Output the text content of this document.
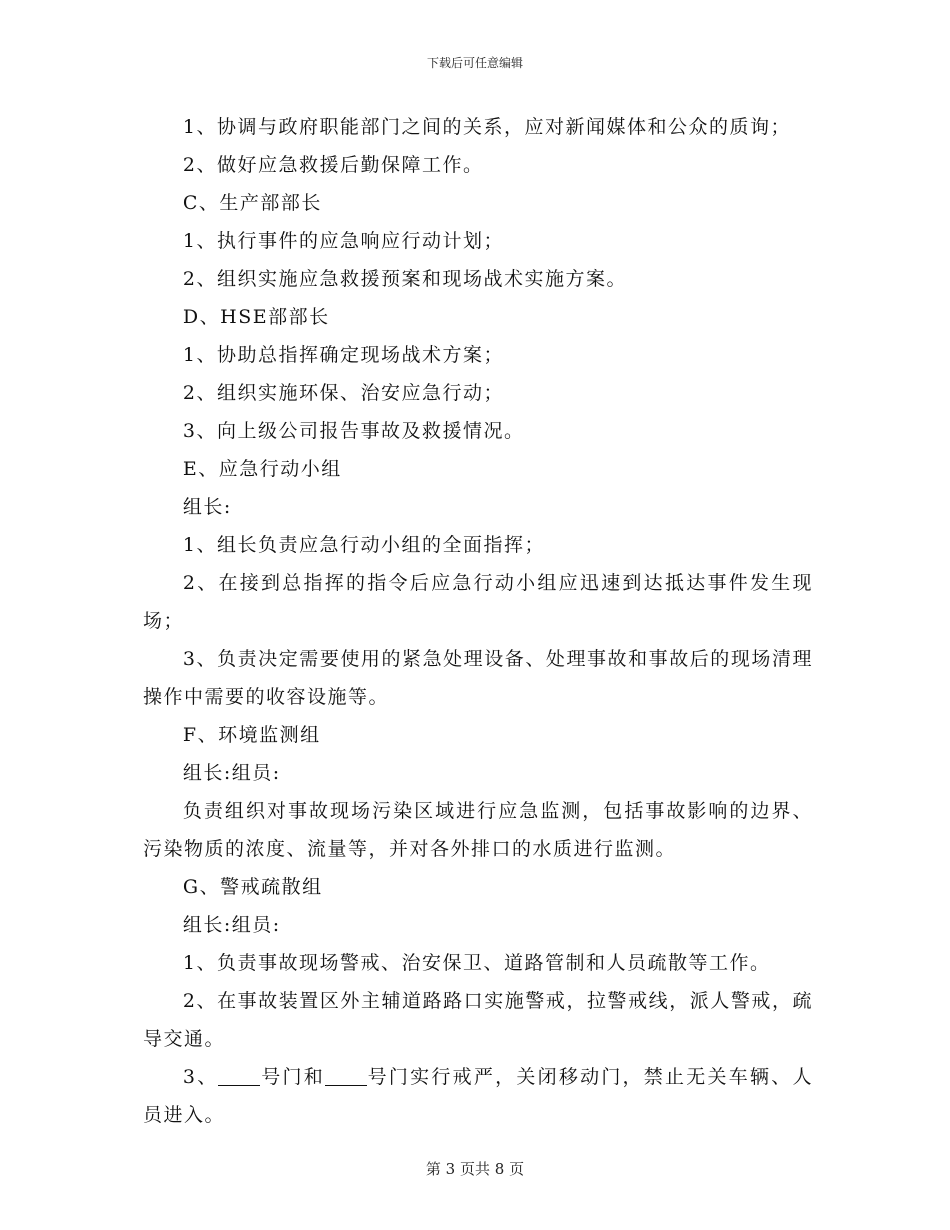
下载后可任意编辑

1、协调与政府职能部门之间的关系，应对新闻媒体和公众的质询；

2、做好应急救援后勤保障工作。

C、生产部部长

1、执行事件的应急响应行动计划；

2、组织实施应急救援预案和现场战术实施方案。

D、HSE部部长

1、协助总指挥确定现场战术方案；

2、组织实施环保、治安应急行动；

3、向上级公司报告事故及救援情况。

E、应急行动小组

组长:

1、组长负责应急行动小组的全面指挥；

2、在接到总指挥的指令后应急行动小组应迅速到达抵达事件发生现场；

3、负责决定需要使用的紧急处理设备、处理事故和事故后的现场清理操作中需要的收容设施等。

F、环境监测组

组长:组员:

负责组织对事故现场污染区域进行应急监测，包括事故影响的边界、污染物质的浓度、流量等，并对各外排口的水质进行监测。

G、警戒疏散组

组长:组员:

1、负责事故现场警戒、治安保卫、道路管制和人员疏散等工作。

2、在事故装置区外主辅道路路口实施警戒，拉警戒线，派人警戒，疏导交通。

3、 号门和 号门实行戒严，关闭移动门，禁止无关车辆、人员进入。

第 3 页共 8 页
